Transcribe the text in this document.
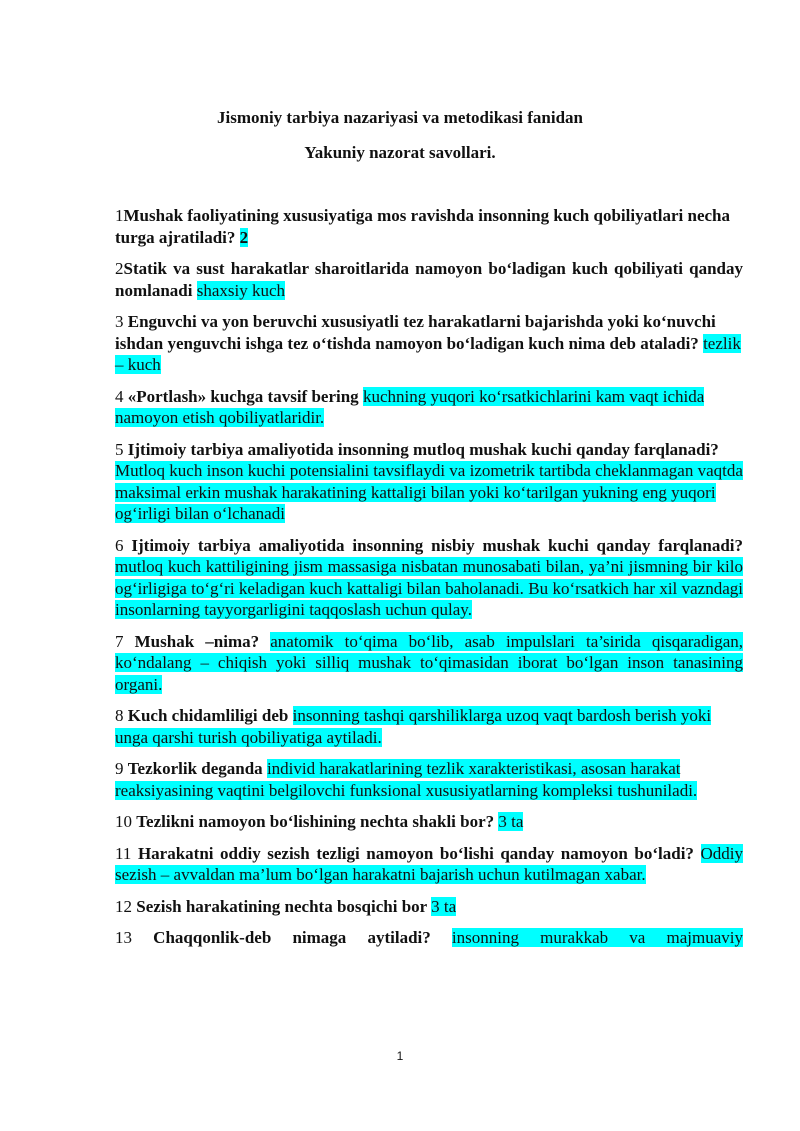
Jismoniy tarbiya nazariyasi va metodikasi fanidan
Yakuniy nazorat savollari.

1Mushak faoliyatining xususiyatiga mos ravishda insonning kuch qobiliyatlari necha turga ajratiladi? 2

2Statik va sust harakatlar sharoitlarida namoyon bo‘ladigan kuch qobiliyati qanday nomlanadi shaxsiy kuch

3 Enguvchi va yon beruvchi xususiyatli tez harakatlarni bajarishda yoki ko‘nuvchi ishdan yenguvchi ishga tez o‘tishda namoyon bo‘ladigan kuch nima deb ataladi? tezlik – kuch

4 «Portlash» kuchga tavsif bering kuchning yuqori ko‘rsatkichlarini kam vaqt ichida namoyon etish qobiliyatlaridir.

5 Ijtimoiy tarbiya amaliyotida insonning mutloq mushak kuchi qanday farqlanadi? Mutloq kuch inson kuchi potensialini tavsiflaydi va izometrik tartibda cheklanmagan vaqtda maksimal erkin mushak harakatining kattaligi bilan yoki ko‘tarilgan yukning eng yuqori og‘irligi bilan o‘lchanadi

6 Ijtimoiy tarbiya amaliyotida insonning nisbiy mushak kuchi qanday farqlanadi? mutloq kuch kattiligining jism massasiga nisbatan munosabati bilan, ya’ni jismning bir kilo og‘irligiga to‘g‘ri keladigan kuch kattaligi bilan baholanadi. Bu ko‘rsatkich har xil vazndagi insonlarning tayyorgarligini taqqoslash uchun qulay.

7 Mushak –nima? anatomik to‘qima bo‘lib, asab impulslari ta’sirida qisqaradigan, ko‘ndalang – chiqish yoki silliq mushak to‘qimasidan iborat bo‘lgan inson tanasining organi.

8 Kuch chidamliligi deb insonning tashqi qarshiliklarga uzoq vaqt bardosh berish yoki unga qarshi turish qobiliyatiga aytiladi.

9 Tezkorlik deganda individ harakatlarining tezlik xarakteristikasi, asosan harakat reaksiyasining vaqtini belgilovchi funksional xususiyatlarning kompleksi tushuniladi.

10 Tezlikni namoyon bo‘lishining nechta shakli bor? 3 ta

11 Harakatni oddiy sezish tezligi namoyon bo‘lishi qanday namoyon bo‘ladi? Oddiy sezish – avvaldan ma’lum bo‘lgan harakatni bajarish uchun kutilmagan xabar.

12 Sezish harakatining nechta bosqichi bor 3 ta

13 Chaqqonlik-deb nimaga aytiladi? insonning murakkab va majmuaviy

1
